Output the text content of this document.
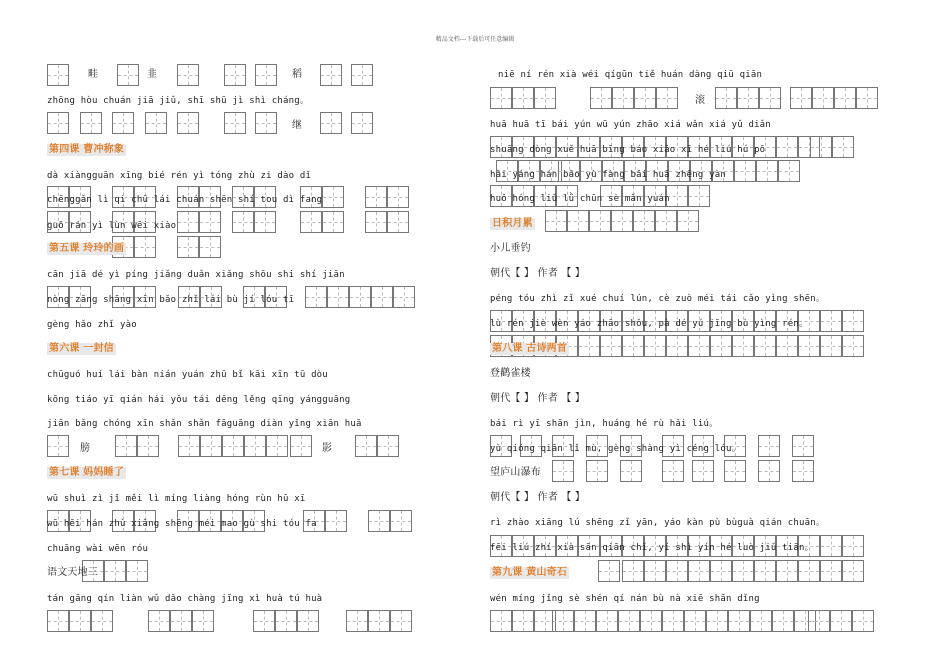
精品文档---下载后可任意编辑
畦	韭	稻
zhōng hòu chuán jiā jiǔ, shī shū jì shì cháng。
继
第四课 曹冲称象
dà xiàngguān xīng bié rén yì tóng zhù zi dào dǐ
chēnggǎn lì qi chū lái chuán shēn shí tou dì fang
guō rán yì lùn wēi xiào
第五课 玲玲的画
cān jiā dé yì píng jiǎng duǎn xiǎng shōu shi shí jiān
nòng zāng shāng xīn bǎo zhǐ lái bù jí lóu tī
gèng hǎo zhǐ yào
第六课 一封信
chūguó huí lái bàn nián yuán zhū bǐ kāi xīn tū dòu
kōng tiáo yī qián hái yǒu tái dēng lěng qīng yángguāng
jiān bǎng chóng xīn shǎn shǎn fāguāng diàn yǐng xiān huā
膀	影
第七课 妈妈睡了
wū shuì zì jǐ měi lì míng liàng hóng rùn hū xī
wū hēi hán zhù xiǎng shēng méi mao gù shi tóu fa
chuāng wài wēn róu
语文天地三
tán gāng qín liàn wǔ dǎo chàng jīng xì huà tú huà
niē ní rén xià wéi qígūn tiě huán dàng qiū qiān
滚
huā huā tī bái yún wū yún zhāo xiá wǎn xiá yǔ diǎn
shuāng dòng xuě huā bīng báo xiǎo xī hé liú hú pō
hǎi yáng hán bāo yù fàng bǎi huā zhēng yàn
huǒ hóng liǔ lǜ chūn sè mǎn yuán
日积月累
小儿垂钓
朝代【 】 作者 【 】
péng tóu zhì zǐ xué chuí lún, cè zuò méi tái cǎo yìng shēn。
lù rén jiè wèn yáo zhāo shǒu, pà dé yú jīng bù yìng rén。
第八课 古诗两首
登鹳雀楼
朝代【 】 作者 【 】
bái rì yī shān jìn, huáng hé rù hǎi liú。
yù qióng qiān lǐ mù, gèng shàng yì céng lóu。
望庐山瀑布
朝代【 】 作者 【 】
rì zhào xiāng lú shēng zǐ yān, yáo kàn pù bùguà qián chuān。
fēi liú zhí xià sān qiān chǐ, yí shì yín hé luò jiǔ tiān。
第九课 黄山奇石
wén míng jǐng sè shén qí nán bù nà xiē shān dǐng
